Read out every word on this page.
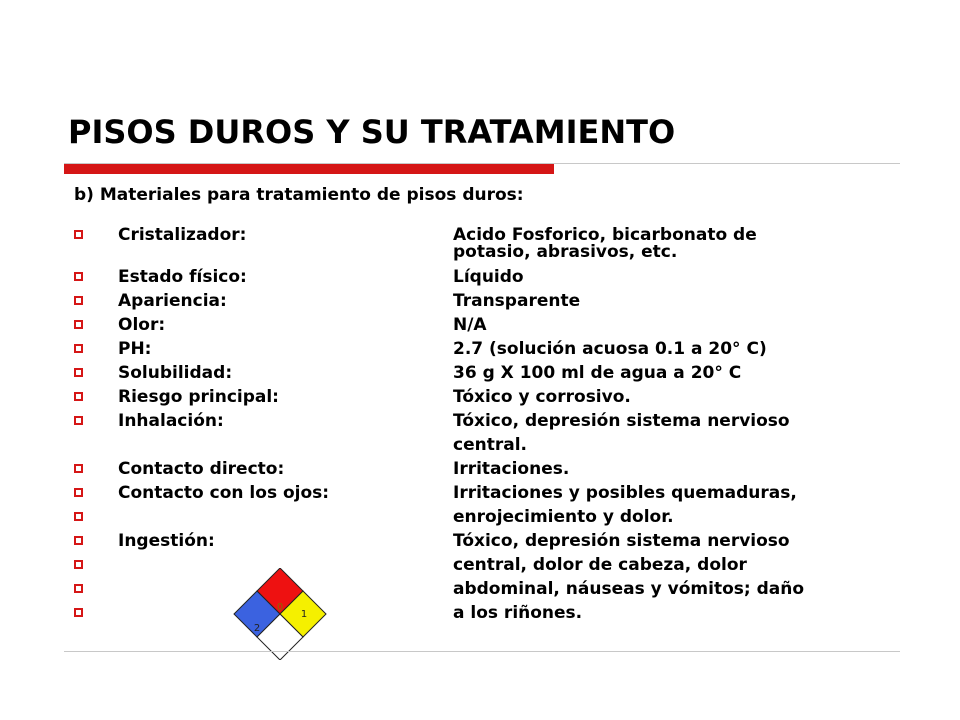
PISOS DUROS Y SU TRATAMIENTO
b) Materiales para tratamiento de pisos duros:
Cristalizador:	Acido Fosforico, bicarbonato de
potasio, abrasivos, etc.
Estado físico:	Líquido
Apariencia:	Transparente
Olor:	N/A
PH:	2.7 (solución acuosa 0.1 a 20° C)
Solubilidad:	36 g X 100 ml de agua a 20° C
Riesgo principal:	Tóxico y corrosivo.
Inhalación:	Tóxico, depresión sistema nervioso
central.
Contacto directo:	Irritaciones.
Contacto con los ojos:	Irritaciones y posibles quemaduras,
enrojecimiento y dolor.
Ingestión:	Tóxico, depresión sistema nervioso
central, dolor de cabeza, dolor
abdominal, náuseas y vómitos; daño
a los riñones.
0
2
1
